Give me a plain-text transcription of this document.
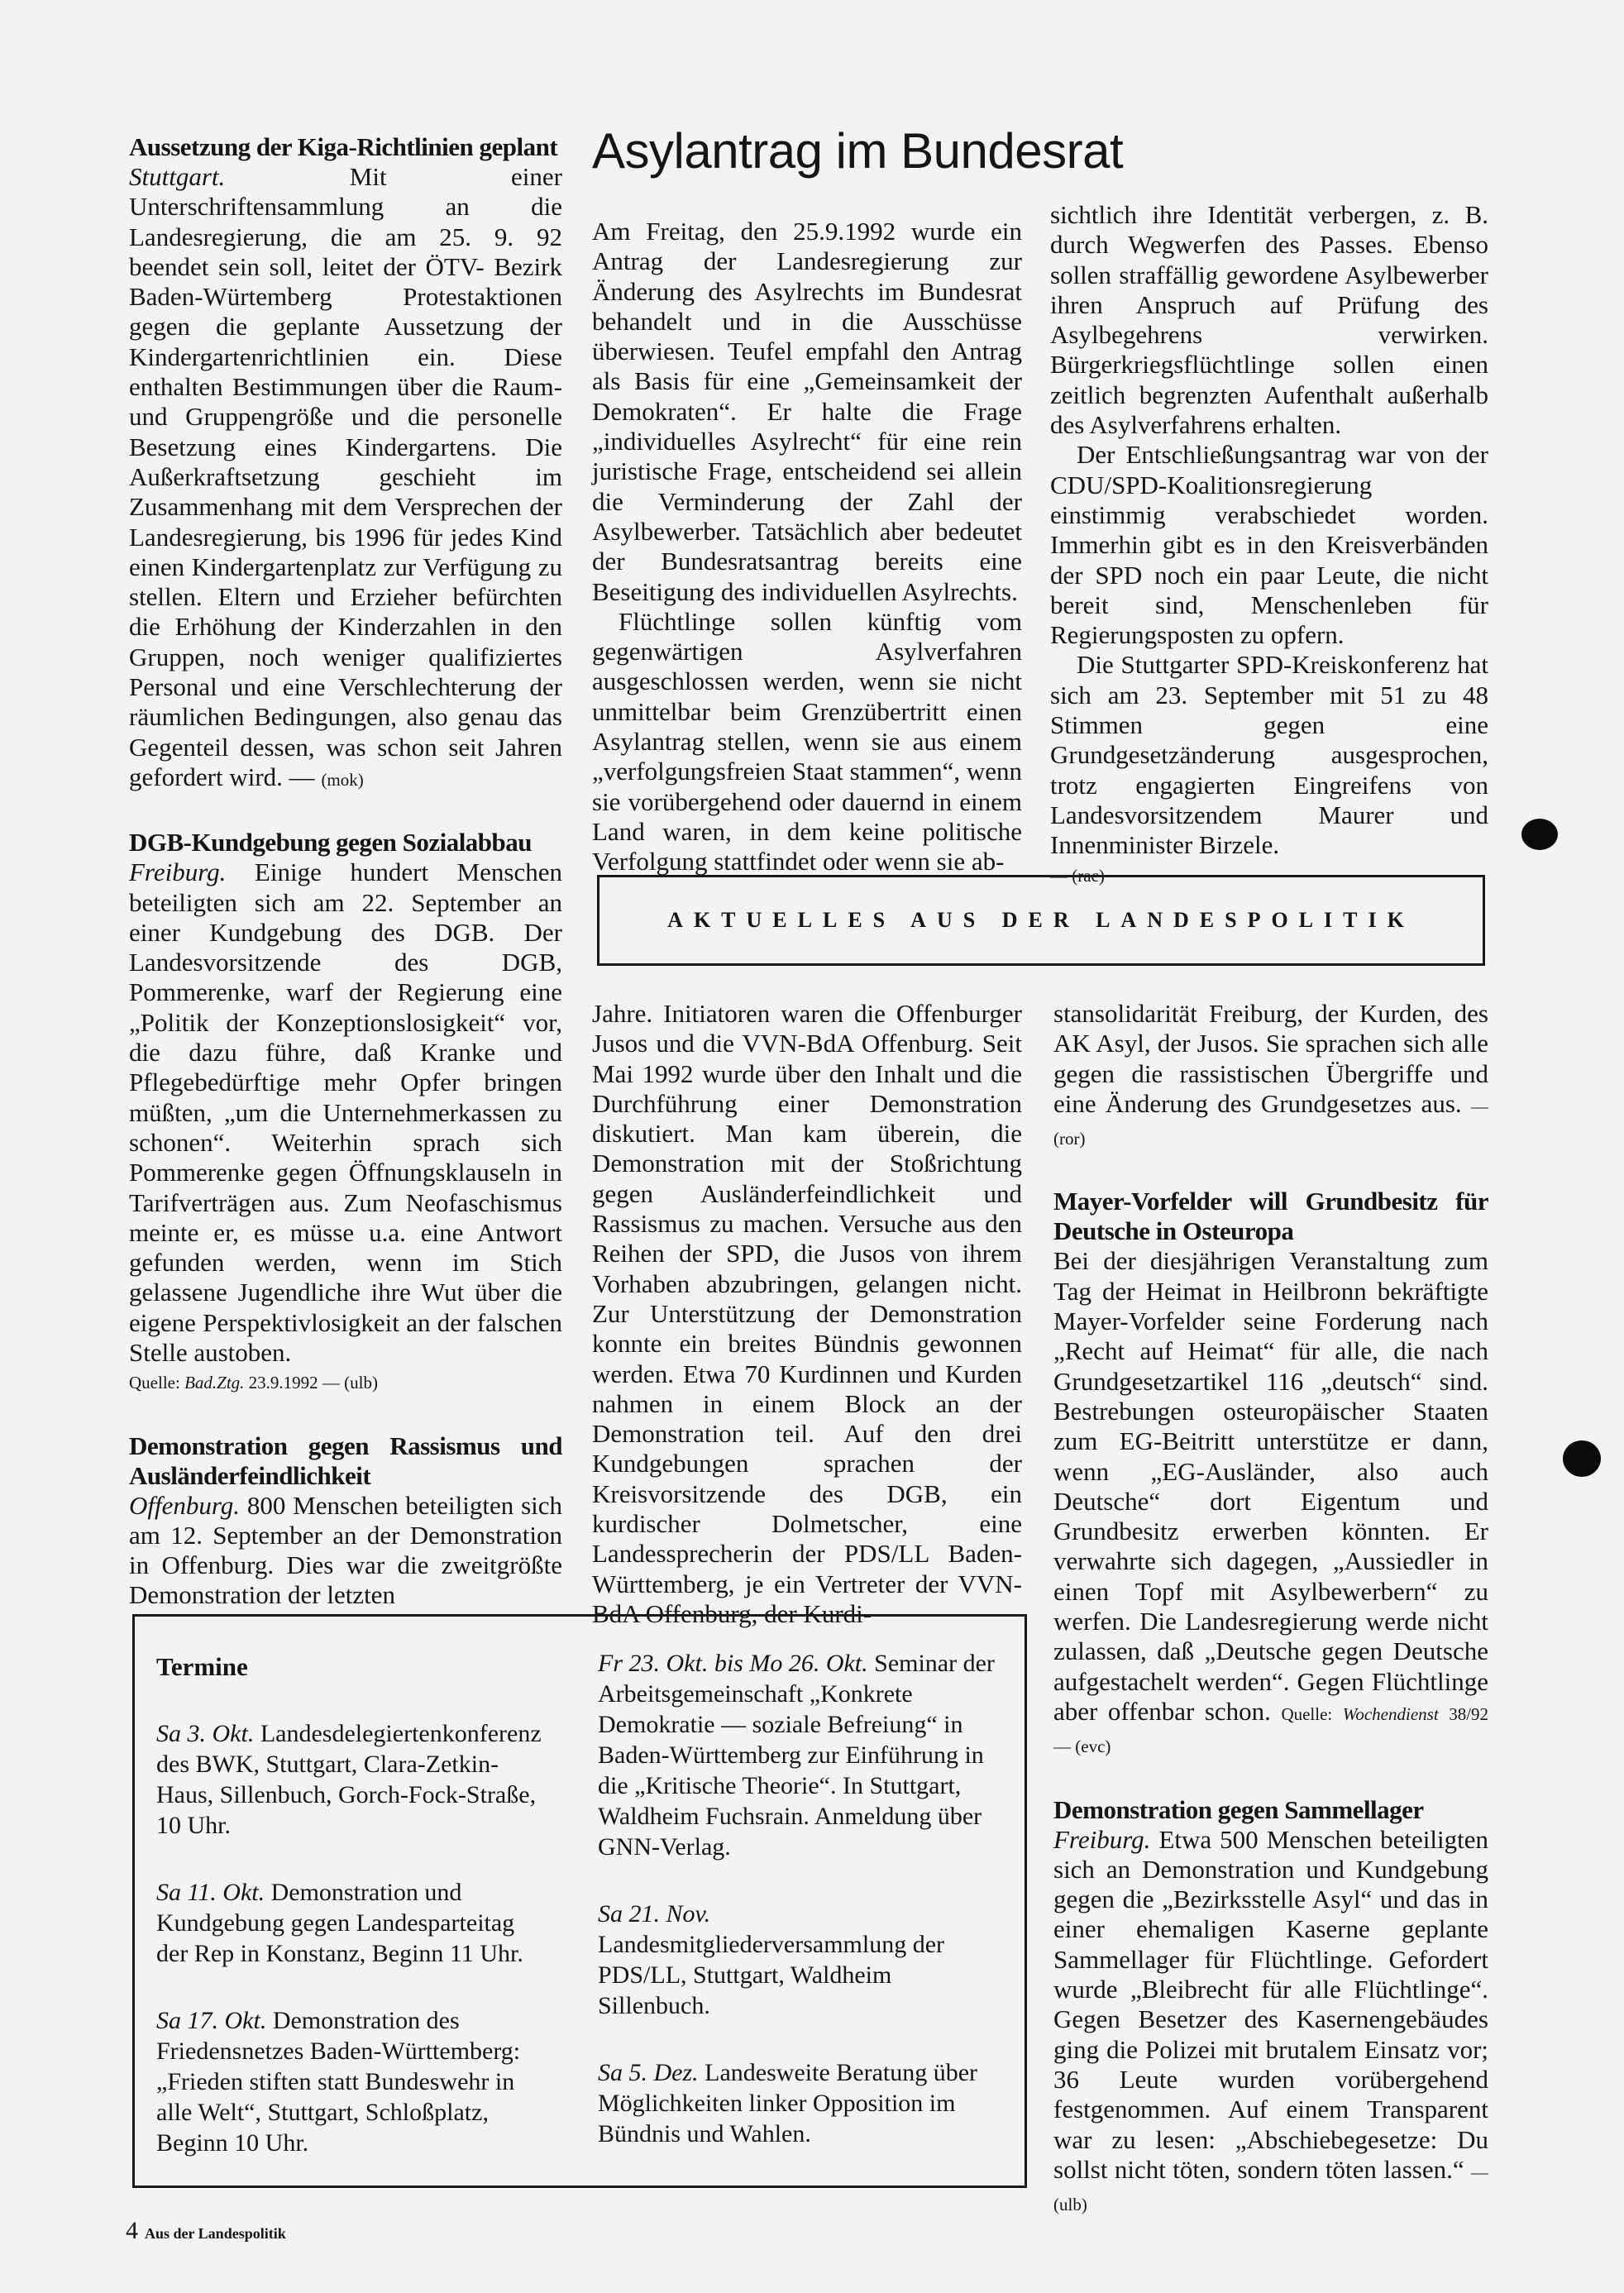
Asylantrag im Bundesrat

Aussetzung der Kiga-Richtlinien geplant

Stuttgart.	Mit einer Unterschriftensammlung an die Landesregierung, die am 25. 9. 92 beendet sein soll, leitet der ÖTV- Bezirk Baden-Würtemberg Protestaktionen gegen die geplante Aussetzung der Kindergartenrichtlinien ein. Diese enthalten Bestimmungen über die Raum- und Gruppengröße und die personelle Besetzung eines Kindergartens. Die Außerkraftsetzung geschieht im Zusammenhang mit dem Versprechen der Landesregierung, bis 1996 für jedes Kind einen Kindergartenplatz zur Verfügung zu stellen. Eltern und Erzieher befürchten die Erhöhung der Kinderzahlen in den Gruppen, noch weniger qualifiziertes Personal und eine Verschlechterung der räumlichen Bedingungen, also genau das Gegenteil dessen, was schon seit Jahren gefordert wird. — (mok)

DGB-Kundgebung gegen Sozialabbau

Freiburg. Einige hundert Menschen beteiligten sich am 22. September an einer Kundgebung des DGB. Der Landesvorsitzende des DGB, Pommerenke, warf der Regierung eine „Politik der Konzeptionslosigkeit“ vor, die dazu führe, daß Kranke und Pflegebedürftige mehr Opfer bringen müßten, „um die Unternehmerkassen zu schonen“. Weiterhin sprach sich Pommerenke gegen Öffnungsklauseln in Tarifverträgen aus. Zum Neofaschismus meinte er, es müsse u.a. eine Antwort gefunden werden, wenn im Stich gelassene Jugendliche ihre Wut über die eigene Perspektivlosigkeit an der falschen Stelle austoben.

Quelle: Bad.Ztg. 23.9.1992 — (ulb)

Demonstration gegen Rassismus und Ausländerfeindlichkeit

Offenburg. 800 Menschen beteiligten sich am 12. September an der Demonstration in Offenburg. Dies war die zweitgrößte Demonstration der letzten

Am Freitag, den 25.9.1992 wurde ein Antrag der Landesregierung zur Änderung des Asylrechts im Bundesrat behandelt und in die Ausschüsse überwiesen. Teufel empfahl den Antrag als Basis für eine „Gemeinsamkeit der Demokraten“. Er halte die Frage „individuelles Asylrecht“ für eine rein juristische Frage, entscheidend sei allein die Verminderung der Zahl der Asylbewerber. Tatsächlich aber bedeutet der Bundesratsantrag bereits eine Beseitigung des individuellen Asylrechts.

Flüchtlinge sollen künftig vom gegenwärtigen Asylverfahren ausgeschlossen werden, wenn sie nicht unmittelbar beim Grenzübertritt einen Asylantrag stellen, wenn sie aus einem „verfolgungsfreien Staat stammen“, wenn sie vorübergehend oder dauernd in einem Land waren, in dem keine politische Verfolgung stattfindet oder wenn sie ab-

sichtlich ihre Identität verbergen, z. B. durch Wegwerfen des Passes. Ebenso sollen straffällig gewordene Asylbewerber ihren Anspruch auf Prüfung des Asylbegehrens verwirken. Bürgerkriegsflüchtlinge sollen einen zeitlich begrenzten Aufenthalt außerhalb des Asylverfahrens erhalten.

Der Entschließungsantrag war von der CDU/SPD-Koalitionsregierung einstimmig verabschiedet worden. Immerhin gibt es in den Kreisverbänden der SPD noch ein paar Leute, die nicht bereit sind, Menschenleben für Regierungsposten zu opfern.

Die Stuttgarter SPD-Kreiskonferenz hat sich am 23. September mit 51 zu 48 Stimmen gegen eine Grundgesetzänderung ausgesprochen, trotz engagierten Eingreifens von Landesvorsitzendem Maurer und Innenminister Birzele.

— (rac)

AKTUELLES AUS DER LANDESPOLITIK

Jahre. Initiatoren waren die Offenburger Jusos und die VVN-BdA Offenburg. Seit Mai 1992 wurde über den Inhalt und die Durchführung einer Demonstration diskutiert. Man kam überein, die Demonstration mit der Stoßrichtung gegen Ausländerfeindlichkeit und Rassismus zu machen. Versuche aus den Reihen der SPD, die Jusos von ihrem Vorhaben abzubringen, gelangen nicht. Zur Unterstützung der Demonstration konnte ein breites Bündnis gewonnen werden. Etwa 70 Kurdinnen und Kurden nahmen in einem Block an der Demonstration teil. Auf den drei Kundgebungen sprachen der Kreisvorsitzende des DGB, ein kurdischer Dolmetscher, eine Landessprecherin der PDS/LL Baden-Württemberg, je ein Vertreter der VVN-BdA Offenburg, der Kurdi-

stansolidarität Freiburg, der Kurden, des AK Asyl, der Jusos. Sie sprachen sich alle gegen die rassistischen Übergriffe und eine Änderung des Grundgesetzes aus. — (ror)

Mayer-Vorfelder will Grundbesitz für Deutsche in Osteuropa

Bei der diesjährigen Veranstaltung zum Tag der Heimat in Heilbronn bekräftigte Mayer-Vorfelder seine Forderung nach „Recht auf Heimat“ für alle, die nach Grundgesetzartikel 116 „deutsch“ sind. Bestrebungen osteuropäischer Staaten zum EG-Beitritt unterstütze er dann, wenn „EG-Ausländer, also auch Deutsche“ dort Eigentum und Grundbesitz erwerben könnten. Er verwahrte sich dagegen, „Aussiedler in einen Topf mit Asylbewerbern“ zu werfen. Die Landesregierung werde nicht zulassen, daß „Deutsche gegen Deutsche aufgestachelt werden“. Gegen Flüchtlinge aber offenbar schon. Quelle: Wochendienst 38/92 — (evc)

Demonstration gegen Sammellager

Freiburg. Etwa 500 Menschen beteiligten sich an Demonstration und Kundgebung gegen die „Bezirksstelle Asyl“ und das in einer ehemaligen Kaserne geplante Sammellager für Flüchtlinge. Gefordert wurde „Bleibrecht für alle Flüchtlinge“. Gegen Besetzer des Kasernengebäudes ging die Polizei mit brutalem Einsatz vor; 36 Leute wurden vorübergehend festgenommen. Auf einem Transparent war zu lesen: „Abschiebegesetze: Du sollst nicht töten, sondern töten lassen.“ — (ulb)

Termine

Sa 3. Okt. Landesdelegiertenkonferenz des BWK, Stuttgart, Clara-Zetkin-Haus, Sillenbuch, Gorch-Fock-Straße, 10 Uhr.

Sa 11. Okt. Demonstration und Kundgebung gegen Landesparteitag der Rep in Konstanz, Beginn 11 Uhr.

Sa 17. Okt. Demonstration des Friedensnetzes Baden-Württemberg: „Frieden stiften statt Bundeswehr in alle Welt“, Stuttgart, Schloßplatz, Beginn 10 Uhr.

Fr 23. Okt. bis Mo 26. Okt. Seminar der Arbeitsgemeinschaft „Konkrete Demokratie — soziale Befreiung“ in Baden-Württemberg zur Einführung in die „Kritische Theorie“. In Stuttgart, Waldheim Fuchsrain. Anmeldung über GNN-Verlag.

Sa 21. Nov. Landesmitgliederversammlung der PDS/LL, Stuttgart, Waldheim Sillenbuch.

Sa 5. Dez. Landesweite Beratung über Möglichkeiten linker Opposition im Bündnis und Wahlen.

4 Aus der Landespolitik
